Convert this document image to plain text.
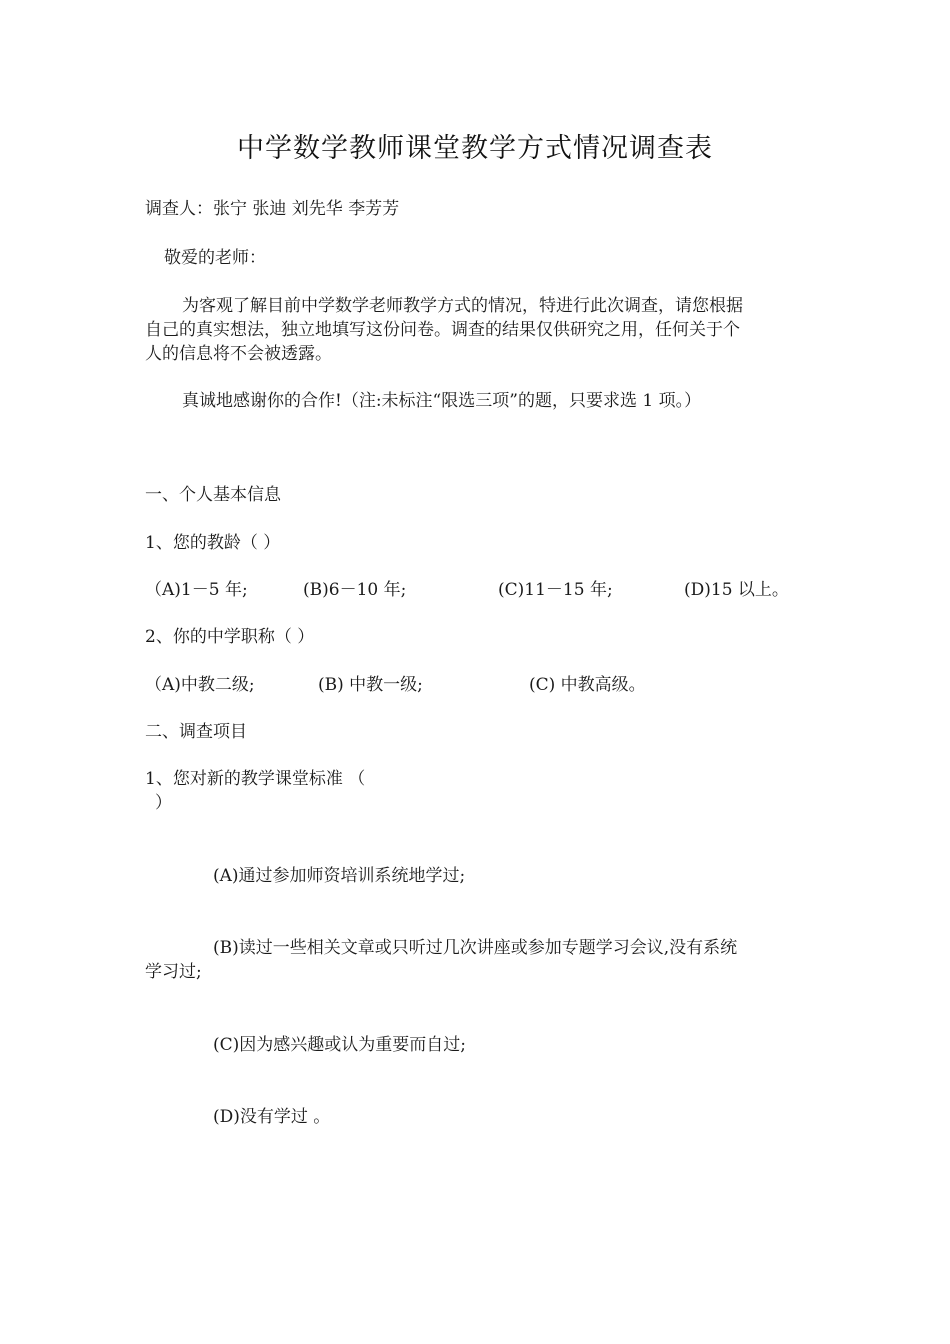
中学数学教师课堂教学方式情况调查表
调查人：张宁 张迪 刘先华 李芳芳
敬爱的老师：
为客观了解目前中学数学老师教学方式的情况，特进行此次调查，请您根据
自己的真实想法，独立地填写这份问卷。调查的结果仅供研究之用，任何关于个
人的信息将不会被透露。
真诚地感谢你的合作!（注:未标注“限选三项”的题，只要求选 1 项。）
一、个人基本信息
1、您的教龄（ ）
（A)1－5 年;	(B)6－10 年;	(C)11－15 年;	(D)15 以上。
2、你的中学职称（ ）
（A)中教二级;	(B) 中教一级;	(C) 中教高级。
二、调查项目
1、您对新的教学课堂标准 （
）
(A)通过参加师资培训系统地学过;
(B)读过一些相关文章或只听过几次讲座或参加专题学习会议,没有系统
学习过;
(C)因为感兴趣或认为重要而自过;
(D)没有学过 。
